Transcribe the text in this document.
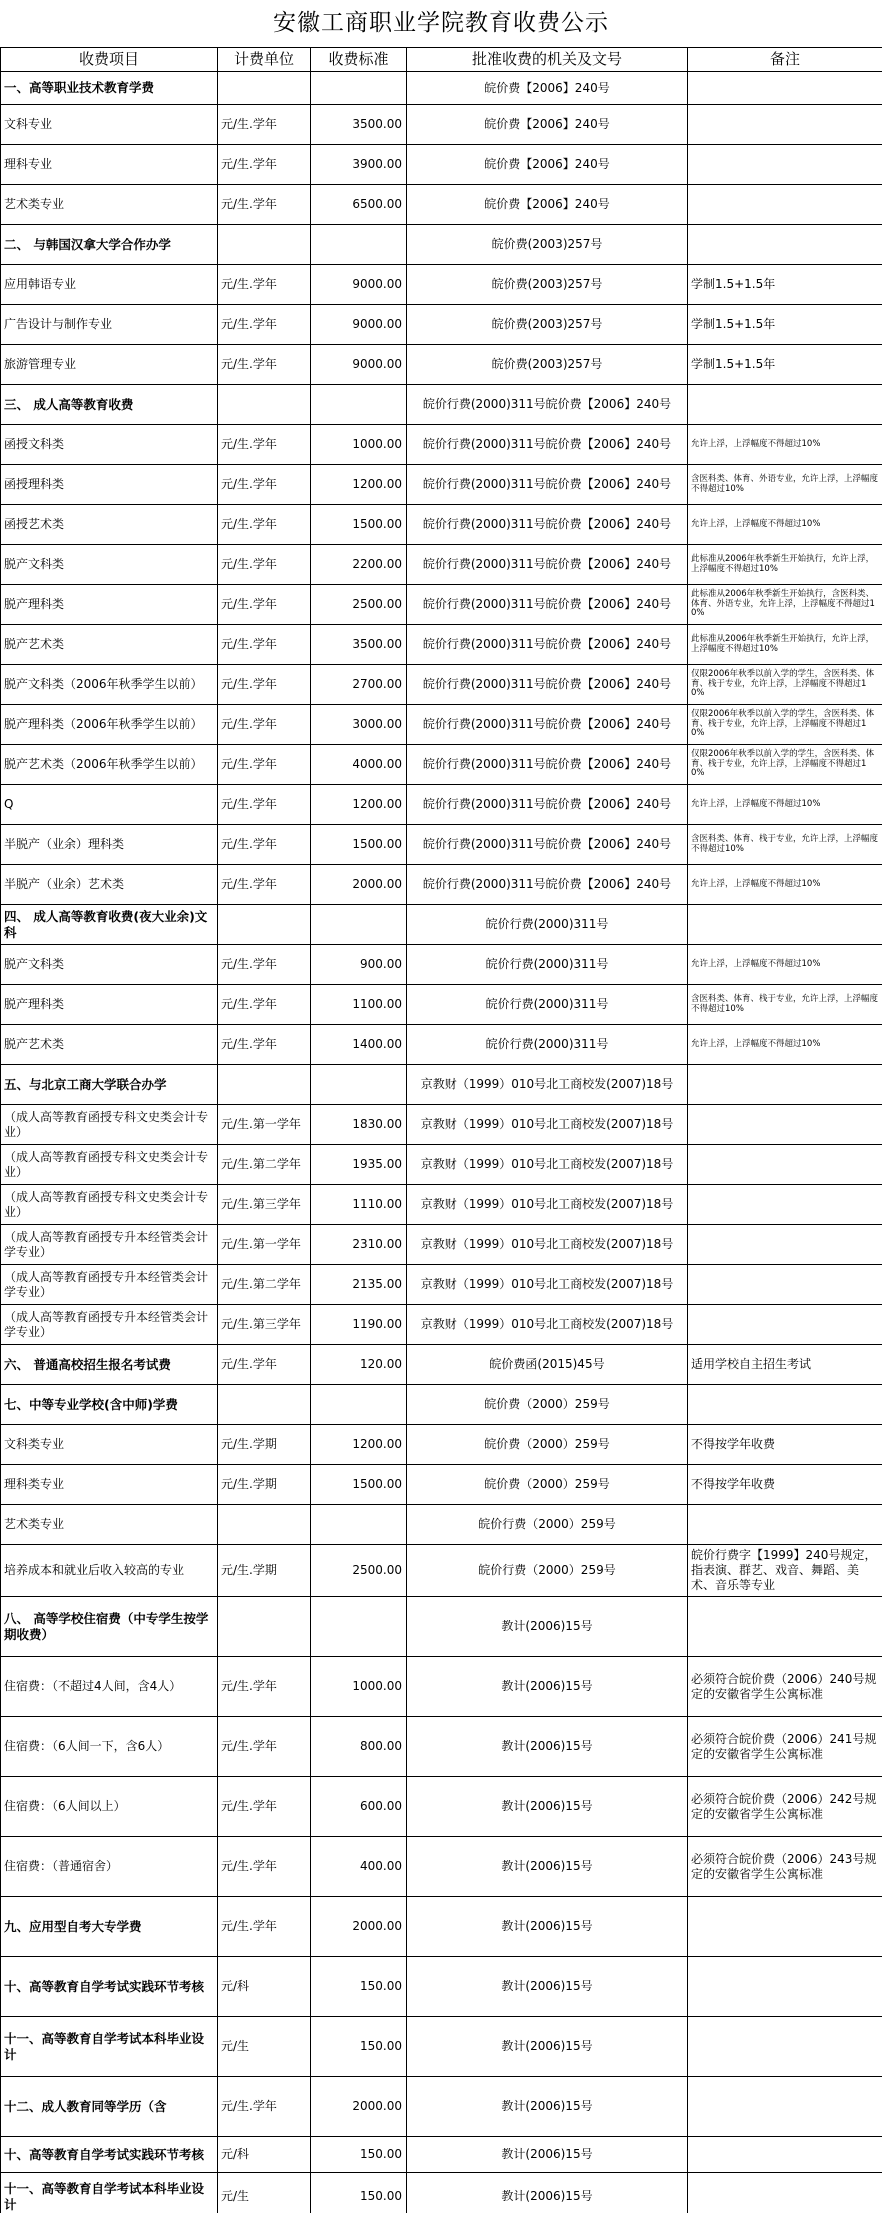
安徽工商职业学院教育收费公示
收费项目	计费单位	收费标准	批准收费的机关及文号	备注
一、高等职业技术教育学费			皖价费【2006】240号	
文科专业	元/生.学年	3500.00	皖价费【2006】240号	
理科专业	元/生.学年	3900.00	皖价费【2006】240号	
艺术类专业	元/生.学年	6500.00	皖价费【2006】240号	
二、 与韩国汉拿大学合作办学			皖价费(2003)257号	
应用韩语专业	元/生.学年	9000.00	皖价费(2003)257号	学制1.5+1.5年
广告设计与制作专业	元/生.学年	9000.00	皖价费(2003)257号	学制1.5+1.5年
旅游管理专业	元/生.学年	9000.00	皖价费(2003)257号	学制1.5+1.5年
三、 成人高等教育收费			皖价行费(2000)311号皖价费【2006】240号	
函授文科类	元/生.学年	1000.00	皖价行费(2000)311号皖价费【2006】240号	允许上浮，上浮幅度不得超过10%
函授理科类	元/生.学年	1200.00	皖价行费(2000)311号皖价费【2006】240号	含医科类、体育、外语专业，允许上浮，上浮幅度不得超过10%
函授艺术类	元/生.学年	1500.00	皖价行费(2000)311号皖价费【2006】240号	允许上浮，上浮幅度不得超过10%
脱产文科类	元/生.学年	2200.00	皖价行费(2000)311号皖价费【2006】240号	此标准从2006年秋季新生开始执行，允许上浮，上浮幅度不得超过10%
脱产理科类	元/生.学年	2500.00	皖价行费(2000)311号皖价费【2006】240号	此标准从2006年秋季新生开始执行，含医科类、体育、外语专业，允许上浮，上浮幅度不得超过10%
脱产艺术类	元/生.学年	3500.00	皖价行费(2000)311号皖价费【2006】240号	此标准从2006年秋季新生开始执行，允许上浮，上浮幅度不得超过10%
脱产文科类（2006年秋季学生以前）	元/生.学年	2700.00	皖价行费(2000)311号皖价费【2006】240号	仅限2006年秋季以前入学的学生，含医科类、体育、栈于专业，允许上浮，上浮幅度不得超过10%
脱产理科类（2006年秋季学生以前）	元/生.学年	3000.00	皖价行费(2000)311号皖价费【2006】240号	仅限2006年秋季以前入学的学生，含医科类、体育、栈于专业，允许上浮，上浮幅度不得超过10%
脱产艺术类（2006年秋季学生以前）	元/生.学年	4000.00	皖价行费(2000)311号皖价费【2006】240号	仅限2006年秋季以前入学的学生，含医科类、体育、栈于专业，允许上浮，上浮幅度不得超过10%
Q	元/生.学年	1200.00	皖价行费(2000)311号皖价费【2006】240号	允许上浮，上浮幅度不得超过10%
半脱产（业余）理科类	元/生.学年	1500.00	皖价行费(2000)311号皖价费【2006】240号	含医科类、体育、栈于专业，允许上浮，上浮幅度不得超过10%
半脱产（业余）艺术类	元/生.学年	2000.00	皖价行费(2000)311号皖价费【2006】240号	允许上浮，上浮幅度不得超过10%
四、 成人高等教育收费(夜大业余)文科			皖价行费(2000)311号	
脱产文科类	元/生.学年	900.00	皖价行费(2000)311号	允许上浮，上浮幅度不得超过10%
脱产理科类	元/生.学年	1100.00	皖价行费(2000)311号	含医科类、体育、栈于专业，允许上浮，上浮幅度不得超过10%
脱产艺术类	元/生.学年	1400.00	皖价行费(2000)311号	允许上浮，上浮幅度不得超过10%
五、与北京工商大学联合办学			京教财（1999）010号北工商校发(2007)18号	
（成人高等教育函授专科文史类会计专业）	元/生.第一学年	1830.00	京教财（1999）010号北工商校发(2007)18号	
（成人高等教育函授专科文史类会计专业）	元/生.第二学年	1935.00	京教财（1999）010号北工商校发(2007)18号	
（成人高等教育函授专科文史类会计专业）	元/生.第三学年	1110.00	京教财（1999）010号北工商校发(2007)18号	
（成人高等教育函授专升本经管类会计学专业）	元/生.第一学年	2310.00	京教财（1999）010号北工商校发(2007)18号	
（成人高等教育函授专升本经管类会计学专业）	元/生.第二学年	2135.00	京教财（1999）010号北工商校发(2007)18号	
（成人高等教育函授专升本经管类会计学专业）	元/生.第三学年	1190.00	京教财（1999）010号北工商校发(2007)18号	
六、 普通高校招生报名考试费	元/生.学年	120.00	皖价费函(2015)45号	适用学校自主招生考试
七、中等专业学校(含中师)学费			皖价费（2000）259号	
文科类专业	元/生.学期	1200.00	皖价费（2000）259号	不得按学年收费
理科类专业	元/生.学期	1500.00	皖价费（2000）259号	不得按学年收费
艺术类专业			皖价行费（2000）259号	
培养成本和就业后收入较高的专业	元/生.学期	2500.00	皖价行费（2000）259号	皖价行费字【1999】240号规定，指表演、群艺、戏音、舞蹈、美术、音乐等专业
八、 高等学校住宿费（中专学生按学期收费）			教计(2006)15号	
住宿费：（不超过4人间，含4人）	元/生.学年	1000.00	教计(2006)15号	必须符合皖价费（2006）240号规定的安徽省学生公寓标准
住宿费：（6人间一下，含6人）	元/生.学年	800.00	教计(2006)15号	必须符合皖价费（2006）241号规定的安徽省学生公寓标准
住宿费：（6人间以上）	元/生.学年	600.00	教计(2006)15号	必须符合皖价费（2006）242号规定的安徽省学生公寓标准
住宿费：（普通宿舍）	元/生.学年	400.00	教计(2006)15号	必须符合皖价费（2006）243号规定的安徽省学生公寓标准
九、应用型自考大专学费	元/生.学年	2000.00	教计(2006)15号	
十、高等教育自学考试实践环节考核	元/科	150.00	教计(2006)15号	
十一、高等教育自学考试本科毕业设计	元/生	150.00	教计(2006)15号	
十二、成人教育同等学历（含	元/生.学年	2000.00	教计(2006)15号	
十、高等教育自学考试实践环节考核	元/科	150.00	教计(2006)15号	
十一、高等教育自学考试本科毕业设计	元/生	150.00	教计(2006)15号	
